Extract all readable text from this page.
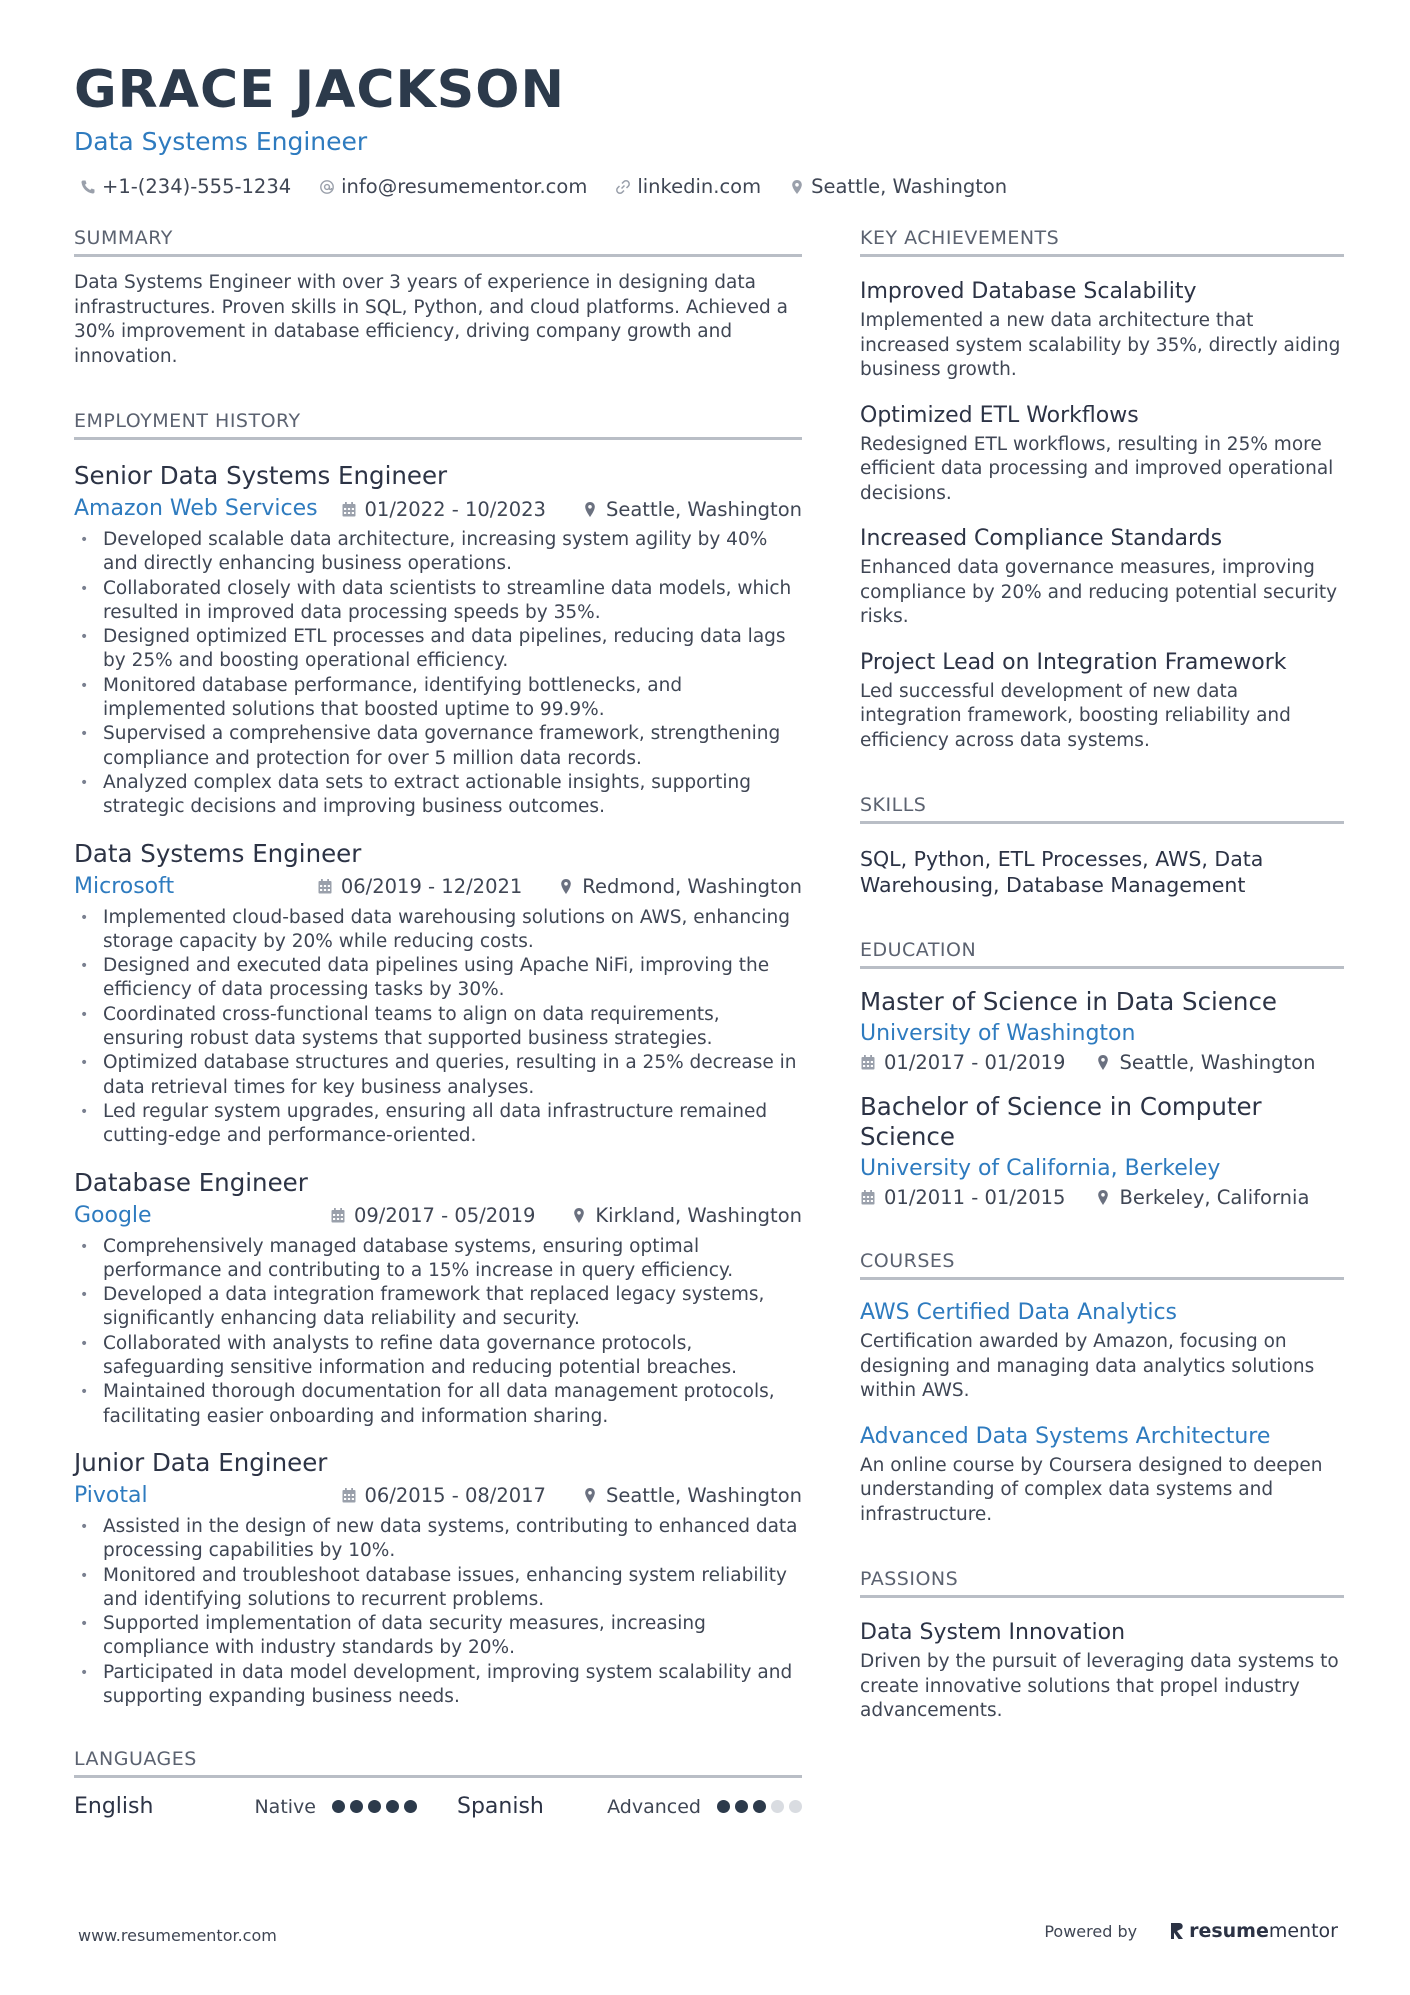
GRACE JACKSON
Data Systems Engineer
+1-(234)-555-1234	info@resumementor.com	linkedin.com	Seattle, Washington
SUMMARY
Data Systems Engineer with over 3 years of experience in designing data infrastructures. Proven skills in SQL, Python, and cloud platforms. Achieved a 30% improvement in database efficiency, driving company growth and innovation.
EMPLOYMENT HISTORY
Senior Data Systems Engineer
Amazon Web Services 01/2022 - 10/2023	Seattle, Washington
• Developed scalable data architecture, increasing system agility by 40% and directly enhancing business operations.
• Collaborated closely with data scientists to streamline data models, which resulted in improved data processing speeds by 35%.
• Designed optimized ETL processes and data pipelines, reducing data lags by 25% and boosting operational efficiency.
• Monitored database performance, identifying bottlenecks, and implemented solutions that boosted uptime to 99.9%.
• Supervised a comprehensive data governance framework, strengthening compliance and protection for over 5 million data records.
• Analyzed complex data sets to extract actionable insights, supporting strategic decisions and improving business outcomes.
Data Systems Engineer
Microsoft	06/2019 - 12/2021	Redmond, Washington
• Implemented cloud-based data warehousing solutions on AWS, enhancing storage capacity by 20% while reducing costs.
• Designed and executed data pipelines using Apache NiFi, improving the efficiency of data processing tasks by 30%.
• Coordinated cross-functional teams to align on data requirements, ensuring robust data systems that supported business strategies.
• Optimized database structures and queries, resulting in a 25% decrease in data retrieval times for key business analyses.
• Led regular system upgrades, ensuring all data infrastructure remained cutting-edge and performance-oriented.
Database Engineer
Google	09/2017 - 05/2019	Kirkland, Washington
• Comprehensively managed database systems, ensuring optimal performance and contributing to a 15% increase in query efficiency.
• Developed a data integration framework that replaced legacy systems, significantly enhancing data reliability and security.
• Collaborated with analysts to refine data governance protocols, safeguarding sensitive information and reducing potential breaches.
• Maintained thorough documentation for all data management protocols, facilitating easier onboarding and information sharing.
Junior Data Engineer
Pivotal	06/2015 - 08/2017	Seattle, Washington
• Assisted in the design of new data systems, contributing to enhanced data processing capabilities by 10%.
• Monitored and troubleshoot database issues, enhancing system reliability and identifying solutions to recurrent problems.
• Supported implementation of data security measures, increasing compliance with industry standards by 20%.
• Participated in data model development, improving system scalability and supporting expanding business needs.
LANGUAGES
English	Native	Spanish	Advanced
KEY ACHIEVEMENTS
Improved Database Scalability
Implemented a new data architecture that increased system scalability by 35%, directly aiding business growth.
Optimized ETL Workflows
Redesigned ETL workflows, resulting in 25% more efficient data processing and improved operational decisions.
Increased Compliance Standards
Enhanced data governance measures, improving compliance by 20% and reducing potential security risks.
Project Lead on Integration Framework
Led successful development of new data integration framework, boosting reliability and efficiency across data systems.
SKILLS
SQL, Python, ETL Processes, AWS, Data Warehousing, Database Management
EDUCATION
Master of Science in Data Science
University of Washington
01/2017 - 01/2019	Seattle, Washington
Bachelor of Science in Computer Science
University of California, Berkeley
01/2011 - 01/2015	Berkeley, California
COURSES
AWS Certified Data Analytics
Certification awarded by Amazon, focusing on designing and managing data analytics solutions within AWS.
Advanced Data Systems Architecture
An online course by Coursera designed to deepen understanding of complex data systems and infrastructure.
PASSIONS
Data System Innovation
Driven by the pursuit of leveraging data systems to create innovative solutions that propel industry advancements.
www.resumementor.com	Powered by	resumementor
